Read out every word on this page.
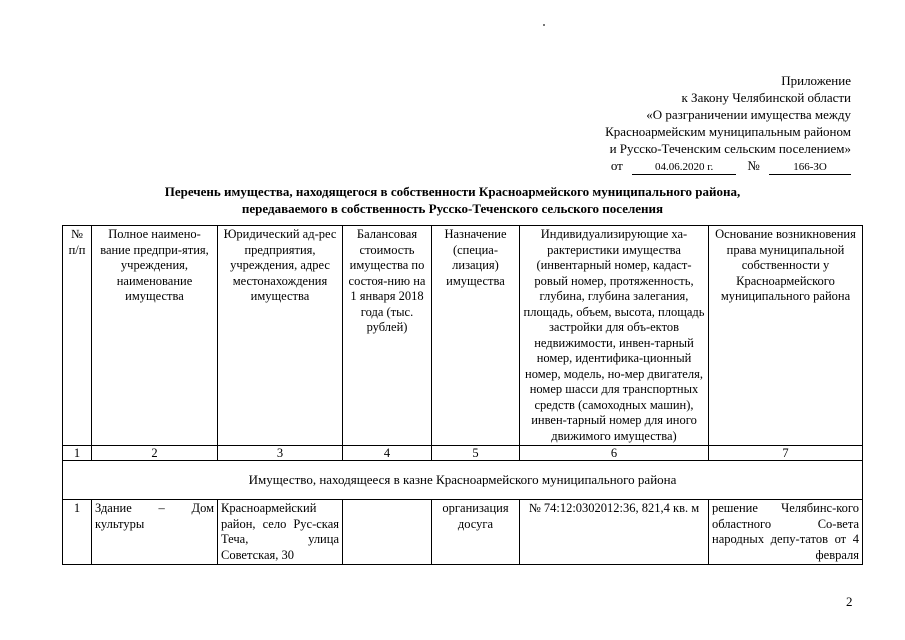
Приложение
к Закону Челябинской области
«О разграничении имущества между
Красноармейским муниципальным районом
и Русско-Теченским сельским поселением»
от	04.06.2020 г.	№	166-ЗО
Перечень имущества, находящегося в собственности Красноармейского муниципального района,
передаваемого в собственность Русско-Теченского сельского поселения
№ п/п	Полное наимено-вание предпри-ятия, учреждения, наименование имущества	Юридический ад-рес предприятия, учреждения, адрес местонахождения имущества	Балансовая стоимость имущества по состоя-нию на 1 января 2018 года (тыс. рублей)	Назначение (специа-лизация) имущества	Индивидуализирующие ха-рактеристики имущества (инвентарный номер, кадаст-ровый номер, протяженность, глубина, глубина залегания, площадь, объем, высота, площадь застройки для объ-ектов недвижимости, инвен-тарный номер, идентифика-ционный номер, модель, но-мер двигателя, номер шасси для транспортных средств (самоходных машин), инвен-тарный номер для иного движимого имущества)	Основание возникновения права муниципальной собственности у Красноармейского муниципального района
1	2	3	4	5	6	7
Имущество, находящееся в казне Красноармейского муниципального района						
1	Здание – Дом культуры	Красноармейский район, село Рус-ская Теча, улица Советская, 30		организация досуга	№ 74:12:0302012:36, 821,4 кв. м	решение Челябинс-кого областного Со-вета народных депу-татов от 4 февраля
2
